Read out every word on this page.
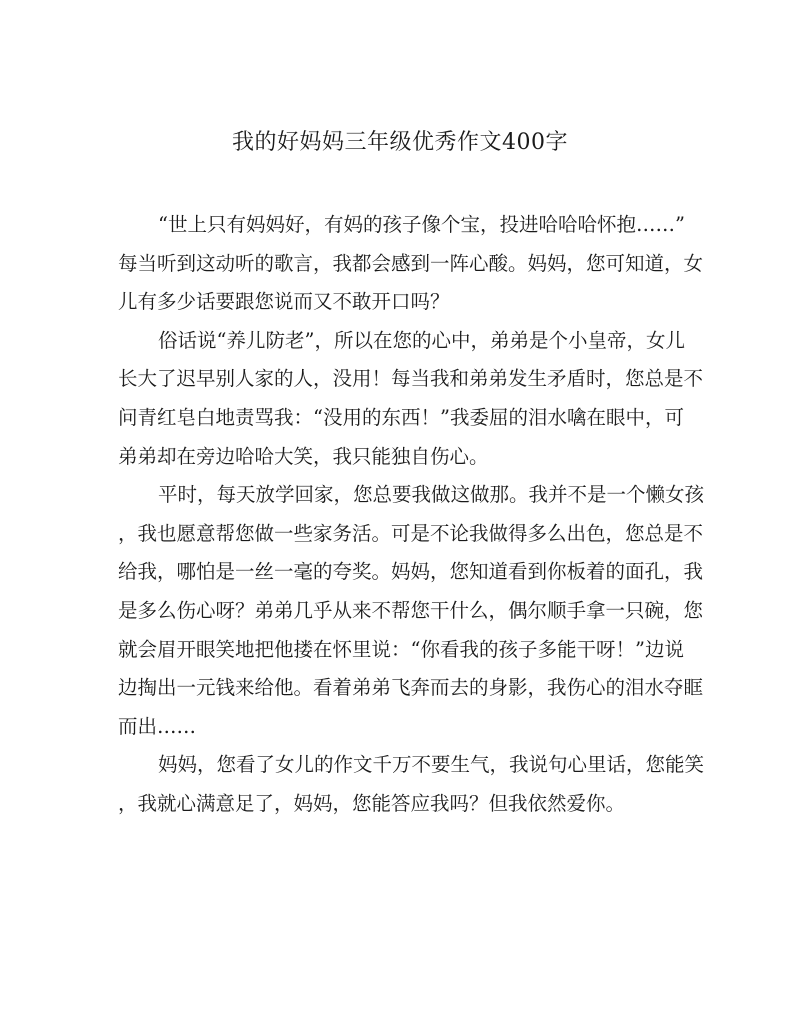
我的好妈妈三年级优秀作文400字

“世上只有妈妈好，有妈的孩子像个宝，投进哈哈哈怀抱……”
每当听到这动听的歌言，我都会感到一阵心酸。妈妈，您可知道，女
儿有多少话要跟您说而又不敢开口吗？

俗话说“养儿防老”，所以在您的心中，弟弟是个小皇帝，女儿
长大了迟早别人家的人，没用！每当我和弟弟发生矛盾时，您总是不
问青红皂白地责骂我：“没用的东西！”我委屈的泪水噙在眼中，可
弟弟却在旁边哈哈大笑，我只能独自伤心。

平时，每天放学回家，您总要我做这做那。我并不是一个懒女孩
，我也愿意帮您做一些家务活。可是不论我做得多么出色，您总是不
给我，哪怕是一丝一毫的夸奖。妈妈，您知道看到你板着的面孔，我
是多么伤心呀？弟弟几乎从来不帮您干什么，偶尔顺手拿一只碗，您
就会眉开眼笑地把他搂在怀里说：“你看我的孩子多能干呀！”边说
边掏出一元钱来给他。看着弟弟飞奔而去的身影，我伤心的泪水夺眶
而出……

妈妈，您看了女儿的作文千万不要生气，我说句心里话，您能笑
，我就心满意足了，妈妈，您能答应我吗？但我依然爱你。
